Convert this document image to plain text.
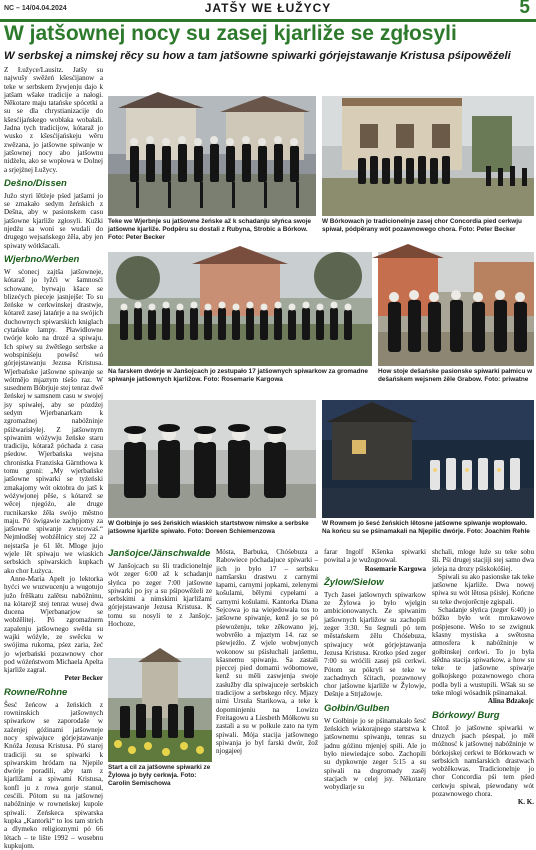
NC – 14/04.04.2024	JATŠY WE ŁUŽYCY	5
W jatšownej nocy su zasej kjarliže se zgłosyli
W serbskej a nimskej rěcy su how a tam jatšowne spiwarki górjejstawanje Kristusa pśipowěźeli

Z Łužyce/Lausitz. Jatšy su najwušy swěźeń kšesćijanow a teke w serbskem žywjenju dajo k jatšam wšake tradicije a nałogi. Někotare maju tatańske spócetki a su se dla chrystianizacije do kšesćijańskego wobłaka wobałali. Jadna tych tradicijow, kótaraž jo wusko z kšesćijańskeju wěru zwězana, jo jatšowne spiwanje w jatšownej nocy abo jatšownu nidźelu, ako se wopłowa w Dolnej a srjejźnej Łužycy.

Dešno/Dissen

Južo styri lětźeje pśed jatšami jo se zmakało sedym žeńskich z Dešna, aby w pasionskem casu jatšowne kjarliže zgłosyli. Kužki njedźu sa woni se wudali do drugego wejsańskego źěla, aby jen spiwaty wótkšacali.

Wjerbno/Werben

W sćonecj zajtša jatšowneje, kótaraž jo lyžći w šamnosći schowane, byrwaju kšace se blizećych pieceje jasnjejše: To su žeńske w cerkwinskej drastwje, kótarež zasej latańrje a na swójich duchownych spiwarskich kniglach cytańske lampy. Pławidłowne twórje koło na drozé a spiwaju. Ich spiwy su źwětšego serbske a wobspiniśeju powěsć wó górjejstawanju Jezusa Kristusa. Wjerbańske jatšowne spiwanje se wótmějo mjaztym tśešo raz. W susednem Bóbrjuje stej tenraz dwě žeńskej w samsnem casu w swojej jsy spiwałej, aby se pózdźej sedym Wjerbanarkam k zgromaźnej nabóžninje pśiźwarisłyłej. Z jatšownym spiwanim wóźywju žeńske staru tradiciju, kótaraž póchada z casa pśedow. Wjerbańska wejsna chronistka Franziska Gärnthowa k tomu groni: „My wjerbańske jatšowne spiwarki se tyźeński zmakajomy wót oktobra do jatš k wóźywjonej pěśe, s kótarež se wěcej njegóźo, ale druge rucnikarske źěła swójo městno maju. Pó świgawie zachpjomy za jatšowne spiwanje zwucowaś.“ Nejmłodšej wobźělnicy stej 22 a nejstarša je 61 lět. Mloge jujo wjele lět spiwaju we wiaskich serbskich spiwarskich kupkach ako chor Łużyca.

Anne-Maria Apelt jo lektorka hyćci we wuzwucenju a wugotujo južo frěškatu zalětsu nabóžninu, na kótarejž stej tenraz wusej dwa ducena Wjerbanarjow se wobźělitej. Pó zgromaźnem zapalenju jatšownego swětła su wajki wóźyle, ze swěcku w swójima rukoma, pśez zaria, žeć jo wjerbański pozawnowy chor pod wóźeństwom Michaela Apelta kjarliže zagrał.

Peter Becker

Rowne/Rohne

Šesć žeńcow a žeńskich z rowninskich jatšownych spiwarkow se zaporodaše w zaźenjej góźinami jatšowneje nocy spiwajuce górjejstawanje Knóža Jezusa Kristusa. Pó starej tradiciji su se spiwarki k spiwarskim hródam na Njepile dwórje poradili, aby tam z kjarližami a spiwami Kristusa, konfl ju z rowa gorje stanuł, cesćili. Pótom su na jatšownej nabóžninje w rowneńskej kupole spiwali. Zeńskeca spiwarska kupka „Kantorki“ to los tam strich a dlymeko religioznymi pó 66 létach – te lište 1992 – wosebnu kupkujom.

Teke we Wjerbnje su jatšowne žeńske až k schadanju słyńca swoje jatšowne kjarliže. Podpěru su dostali z Rubyna, Strobic a Bórkow. Foto: Peter Becker
W Bórkowach jo tradicionelnje zasej chor Concordia pied cerkwju spiwał, pódpěrany wót pozawnowego chora. Foto: Peter Becker
Na farskem dwórje w Janšojcach jo zestupało 17 jatšownych spiwarkow za gromadne spiwanje jatšownych kjarližow. Foto: Rosemarie Kargowa
How stoje dešańske pasionske spiwarki pałmicu w dešańskem wejsnem źěle Grabow. Foto: priwatne
W Gołbinje jo seś žeńskich wiaskich startstwow nimske a serbske jatšowne kjarliže spiwało. Foto: Doreen Schiemenzowa
W Rownem jo šesć žeńskich lětosne jatšowne spiwanje wopłowało. Na końcu su se pśinamakali na Njepilic dwórje. Foto: Joachim Rehle
Start a cil za jatšowne spiwarki ze Žylowa jo były cerkwja. Foto: Carolin Semischowa
Janšojce/Jänschwalde

W Janšojcach su šli tradicionelnje wót zeger 6:00 až k schadanju słyńca po zeger 7:00 jatšowne spiwarki po jsy a su pśipowěźeli ze serbskimi a nimskimi kjarližami górjejstawanje Jezusa Kristusa. K tomu su nosyli te z Janšojc, Hochoze,

Mósta, Barbuka, Chóśebuza a Rabowiece póchadajuce spiwarki – jich jo było 17 – serbsku namšarsku drastwu z carnymi łapami, carnymi jopkami, zelenymi košulami, bělymi cypełami a carnymi košulami. Kantorka Diana Sejcowa jo na wiejedowała tos to jatšowne spiwanje, kenž jo se pó pśewoźenju, teke zěkowano jej, wobvrěło a mjaztym 14. raz se pśewjeźło. Z wjele wobwjonych wokonow su pśisłuchali janšemu, kšasnemu spiwanju. Sa zastali pjeccej pied domami wóbomowe, kenž su měli zaswjenja swoje zasłužby dla spiwajuceje serbskich tradicijow a serbskego rěcy. Mjazy nimi Ursula Starikowa, a teke k dopominjeniu na Lowizu Freitagowu a Liesbeth Mółkowu su zastali a su w połkule zato na tym spiwali. Mója stacija jatšownego spiwanja jo byl farski dwór, žož njogajeej

farar Ingolf Kšenka spiwarki powital a je wužognował.

Rosemarie Kargowa

Žylow/Sielow

Tych žasei jatšownych spiwarkow ze Žylowa jo było wjelgin ambicionowanych. Ze spiwanim jatšownych kjarližow su zachopili zeger 3:30. Su šegnuli pó tem městańskem źělu Chóśebuza, spiwajucy wót górjejstawanja Jezusa Kristusa. Krotko pśed zeger 7:00 su wróćili zasej pśi cerkwi. Pótom su pókryli se teke w zachadnych šćitach, pozawnowy chor jatšowne kjarliže w Žylowje, Dešnje a Strjažowje.

Gołbin/Gulben

W Gołbinje jo se pśinamakało šesć žeńskich wiakorajnego startstwa k jatšownemu spiwanju, tenras su jadnu góźinu mjenjej spiłi. Ale jo było niewiedajce sobo. Zachopili su dypkownje zeger 5:15 a su spiwali na dogromady zasěj stacjach w celej jsy. Někotare wobydlarje su

shchali, mloge luźe su teke sobu šli. Pśi drugej stacjiji stej samo dwa jeleja na drozy pśiskokóšiej.

Spiwali su ako pasionske tak teke jatšowne kjarliže. Dwa nowej spiwa su wót lětosa pśisłej. Końcne su teke dwojorěcnje zgispali.

Schadanje słyńca (zeger 6:40) jo bóžko było wót mrokawowe pośpjesone. Wešo to se zwignuk kšasny mystiska a swětosna atmosfera k nabóžninje w gołbinskej cerkwi. To jo była słědna stacija spiwarkow, a how su teke te jatšowne spiwarje gołkojskego pozawnowego chora podla byli a wustupili. Wšak su se teke mlogi wósadnik pśinamakał.

Alina Bdzakojc

Bórkowy/ Burg

Chtož jo jatšowne spiwarki w druzych jsach pśespał, jo měł móžnosć k jatšownej nabóžninje w bórkojskej cerkwi te Bórkowach w serbskich namšarskich drastwach wobźěkowas. Tradicionelnje jo chor Concordia pśi tem pśed cerkwju spiwał, pśewodany wót pozawnowego chora.

K. K.
